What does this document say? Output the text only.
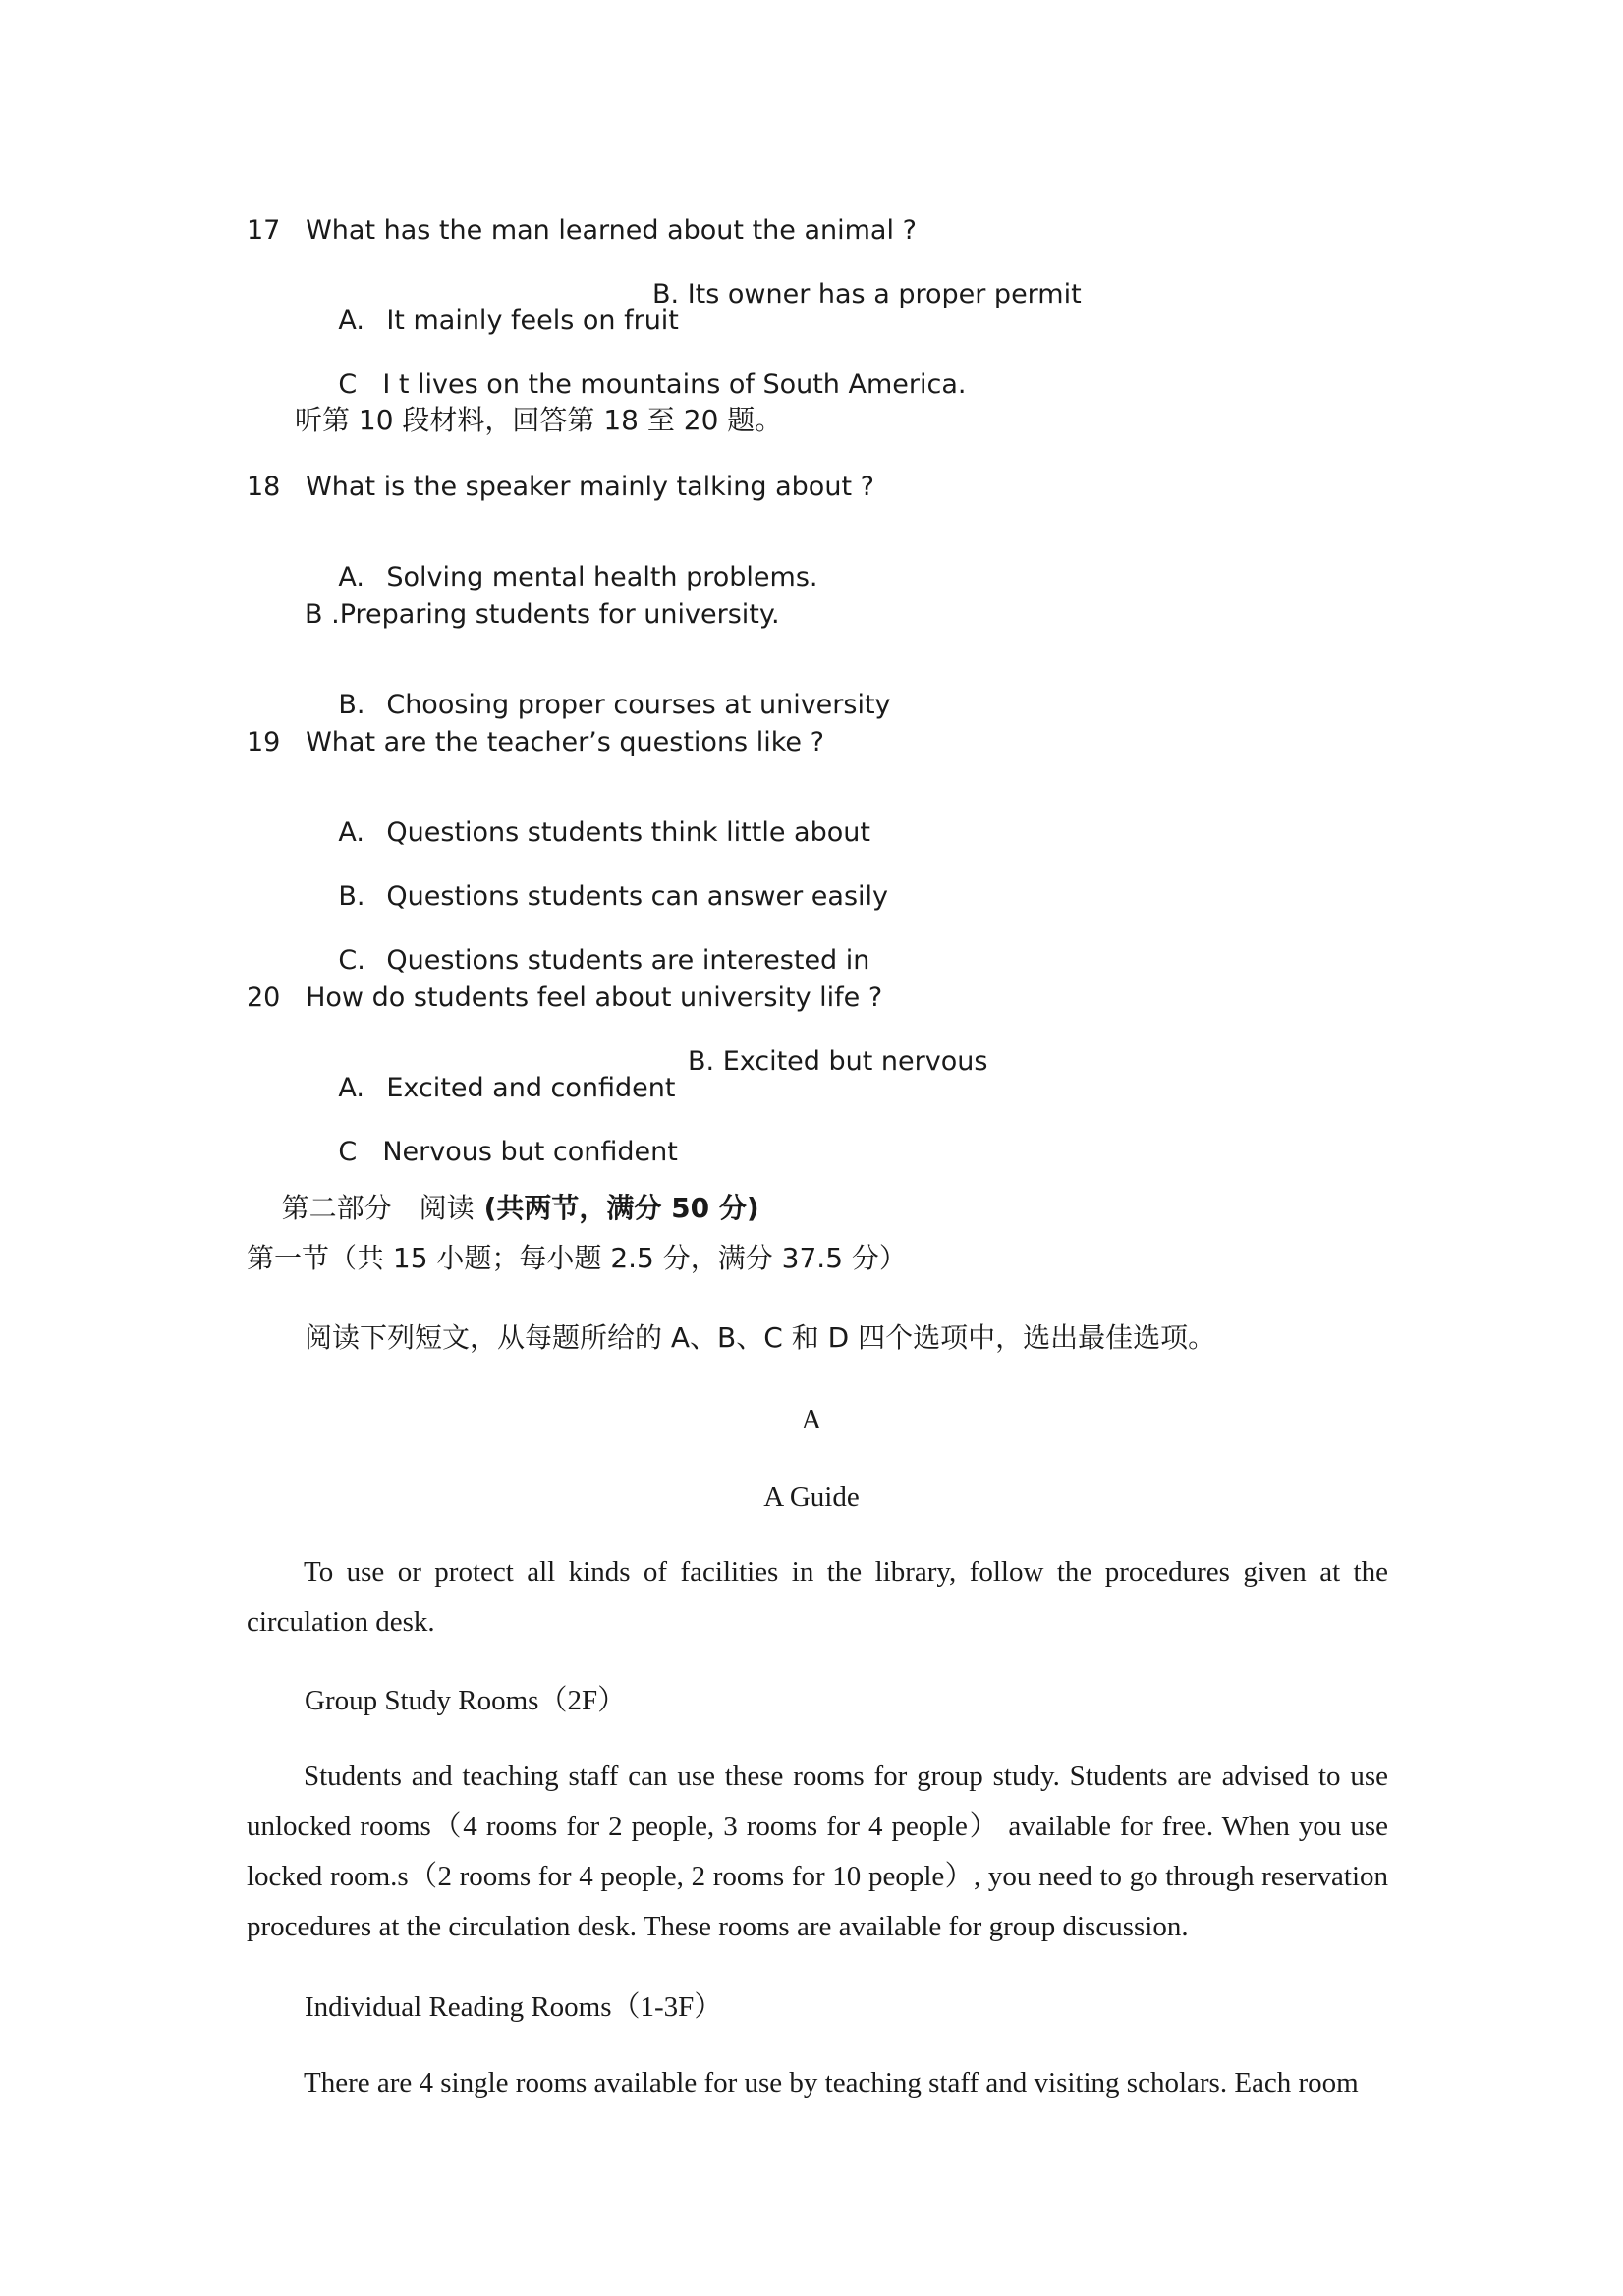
17   What has the man learned about the animal ?

A. It mainly feels on fruit

B. Its owner has a proper permit

C I t lives on the mountains of South America.

听第 10 段材料，回答第 18 至 20 题。
18   What is the speaker mainly talking about ?

A. Solving mental health problems.

B .Preparing students for university.

B. Choosing proper courses at university

19   What are the teacher’s questions like ?

A. Questions students think little about

B. Questions students can answer easily

C. Questions students are interested in

20   How do students feel about university life ?

A. Excited and confident

B. Excited but nervous

C Nervous but confident

第二部分　阅读 (共两节，满分 50 分)

第一节（共 15 小题；每小题 2.5 分，满分 37.5 分）
阅读下列短文，从每题所给的 A、B、C 和 D 四个选项中，选出最佳选项。
A
A Guide

To use or protect all kinds of facilities in the library, follow the procedures given at the circulation desk.

Group Study Rooms（2F）

Students and teaching staff can use these rooms for group study. Students are advised to use unlocked rooms（4 rooms for 2 people, 3 rooms for 4 people） available for free. When you use locked room.s（2 rooms for 4 people, 2 rooms for 10 people）, you need to go through reservation procedures at the circulation desk. These rooms are available for group discussion.

Individual Reading Rooms（1-3F）

There are 4 single rooms available for use by teaching staff and visiting scholars. Each room
